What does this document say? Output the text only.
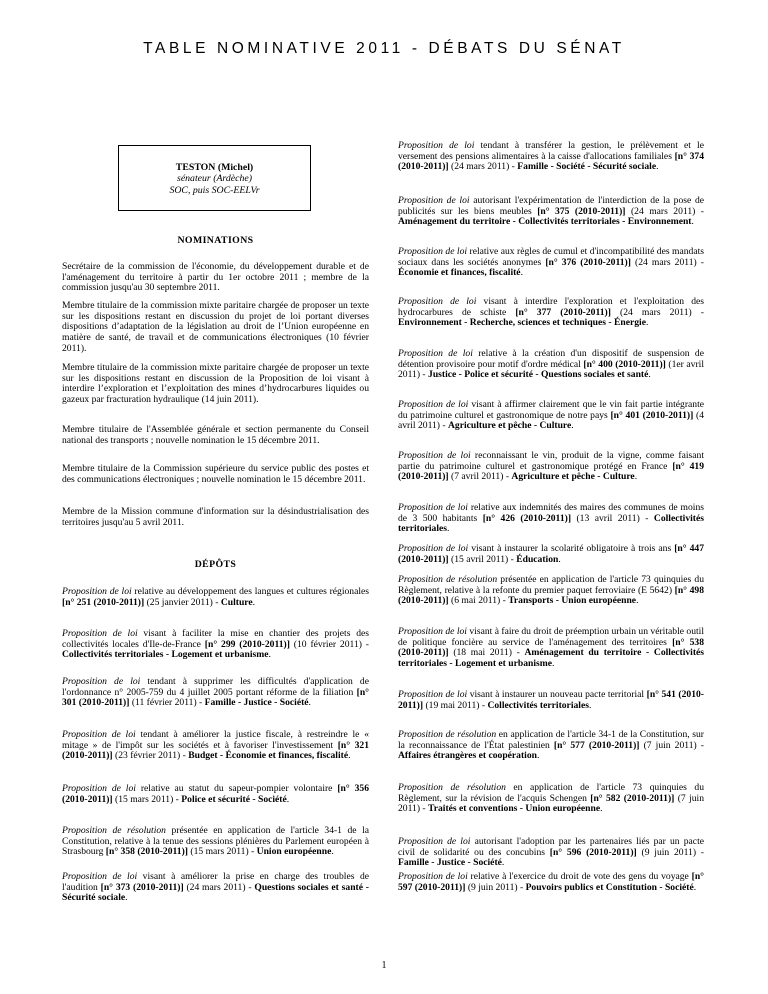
TABLE NOMINATIVE 2011 - DÉBATS DU SÉNAT
TESTON (Michel)
sénateur (Ardèche)
SOC, puis SOC-EELVr
NOMINATIONS
Secrétaire de la commission de l'économie, du développement durable et de l'aménagement du territoire à partir du 1er octobre 2011 ; membre de la commission jusqu'au 30 septembre 2011.
Membre titulaire de la commission mixte paritaire chargée de proposer un texte sur les dispositions restant en discussion du projet de loi portant diverses dispositions d’adaptation de la législation au droit de l’Union européenne en matière de santé, de travail et de communications électroniques (10 février 2011).
Membre titulaire de la commission mixte paritaire chargée de proposer un texte sur les dispositions restant en discussion de la Proposition de loi visant à interdire l’exploration et l’exploitation des mines d’hydrocarbures liquides ou gazeux par fracturation hydraulique (14 juin 2011).
Membre titulaire de l'Assemblée générale et section permanente du Conseil national des transports ; nouvelle nomination le 15 décembre 2011.
Membre titulaire de la Commission supérieure du service public des postes et des communications électroniques ; nouvelle nomination le 15 décembre 2011.
Membre de la Mission commune d'information sur la désindustrialisation des territoires jusqu'au 5 avril 2011.
DÉPÔTS
Proposition de loi relative au développement des langues et cultures régionales [n° 251 (2010-2011)] (25 janvier 2011) - Culture.
Proposition de loi visant à faciliter la mise en chantier des projets des collectivités locales d'Ile-de-France [n° 299 (2010-2011)] (10 février 2011) - Collectivités territoriales - Logement et urbanisme.
Proposition de loi tendant à supprimer les difficultés d'application de l'ordonnance n° 2005-759 du 4 juillet 2005 portant réforme de la filiation [n° 301 (2010-2011)] (11 février 2011) - Famille - Justice - Société.
Proposition de loi tendant à améliorer la justice fiscale, à restreindre le « mitage » de l'impôt sur les sociétés et à favoriser l'investissement [n° 321 (2010-2011)] (23 février 2011) - Budget - Économie et finances, fiscalité.
Proposition de loi relative au statut du sapeur-pompier volontaire [n° 356 (2010-2011)] (15 mars 2011) - Police et sécurité - Société.
Proposition de résolution présentée en application de l'article 34-1 de la Constitution, relative à la tenue des sessions plénières du Parlement européen à Strasbourg [n° 358 (2010-2011)] (15 mars 2011) - Union européenne.
Proposition de loi visant à améliorer la prise en charge des troubles de l'audition [n° 373 (2010-2011)] (24 mars 2011) - Questions sociales et santé - Sécurité sociale.
Proposition de loi tendant à transférer la gestion, le prélèvement et le versement des pensions alimentaires à la caisse d'allocations familiales [n° 374 (2010-2011)] (24 mars 2011) - Famille - Société - Sécurité sociale.
Proposition de loi autorisant l'expérimentation de l'interdiction de la pose de publicités sur les biens meubles [n° 375 (2010-2011)] (24 mars 2011) - Aménagement du territoire - Collectivités territoriales - Environnement.
Proposition de loi relative aux règles de cumul et d'incompatibilité des mandats sociaux dans les sociétés anonymes [n° 376 (2010-2011)] (24 mars 2011) - Économie et finances, fiscalité.
Proposition de loi visant à interdire l'exploration et l'exploitation des hydrocarbures de schiste [n° 377 (2010-2011)] (24 mars 2011) - Environnement - Recherche, sciences et techniques - Énergie.
Proposition de loi relative à la création d'un dispositif de suspension de détention provisoire pour motif d'ordre médical [n° 400 (2010-2011)] (1er avril 2011) - Justice - Police et sécurité - Questions sociales et santé.
Proposition de loi visant à affirmer clairement que le vin fait partie intégrante du patrimoine culturel et gastronomique de notre pays [n° 401 (2010-2011)] (4 avril 2011) - Agriculture et pêche - Culture.
Proposition de loi reconnaissant le vin, produit de la vigne, comme faisant partie du patrimoine culturel et gastronomique protégé en France [n° 419 (2010-2011)] (7 avril 2011) - Agriculture et pêche - Culture.
Proposition de loi relative aux indemnités des maires des communes de moins de 3 500 habitants [n° 426 (2010-2011)] (13 avril 2011) - Collectivités territoriales.
Proposition de loi visant à instaurer la scolarité obligatoire à trois ans [n° 447 (2010-2011)] (15 avril 2011) - Éducation.
Proposition de résolution présentée en application de l'article 73 quinquies du Règlement, relative à la refonte du premier paquet ferroviaire (E 5642) [n° 498 (2010-2011)] (6 mai 2011) - Transports - Union européenne.
Proposition de loi visant à faire du droit de préemption urbain un véritable outil de politique foncière au service de l'aménagement des territoires [n° 538 (2010-2011)] (18 mai 2011) - Aménagement du territoire - Collectivités territoriales - Logement et urbanisme.
Proposition de loi visant à instaurer un nouveau pacte territorial [n° 541 (2010-2011)] (19 mai 2011) - Collectivités territoriales.
Proposition de résolution en application de l'article 34-1 de la Constitution, sur la reconnaissance de l'État palestinien [n° 577 (2010-2011)] (7 juin 2011) - Affaires étrangères et coopération.
Proposition de résolution en application de l'article 73 quinquies du Règlement, sur la révision de l'acquis Schengen [n° 582 (2010-2011)] (7 juin 2011) - Traités et conventions - Union européenne.
Proposition de loi autorisant l'adoption par les partenaires liés par un pacte civil de solidarité ou des concubins [n° 596 (2010-2011)] (9 juin 2011) - Famille - Justice - Société.
Proposition de loi relative à l'exercice du droit de vote des gens du voyage [n° 597 (2010-2011)] (9 juin 2011) - Pouvoirs publics et Constitution - Société.
1
